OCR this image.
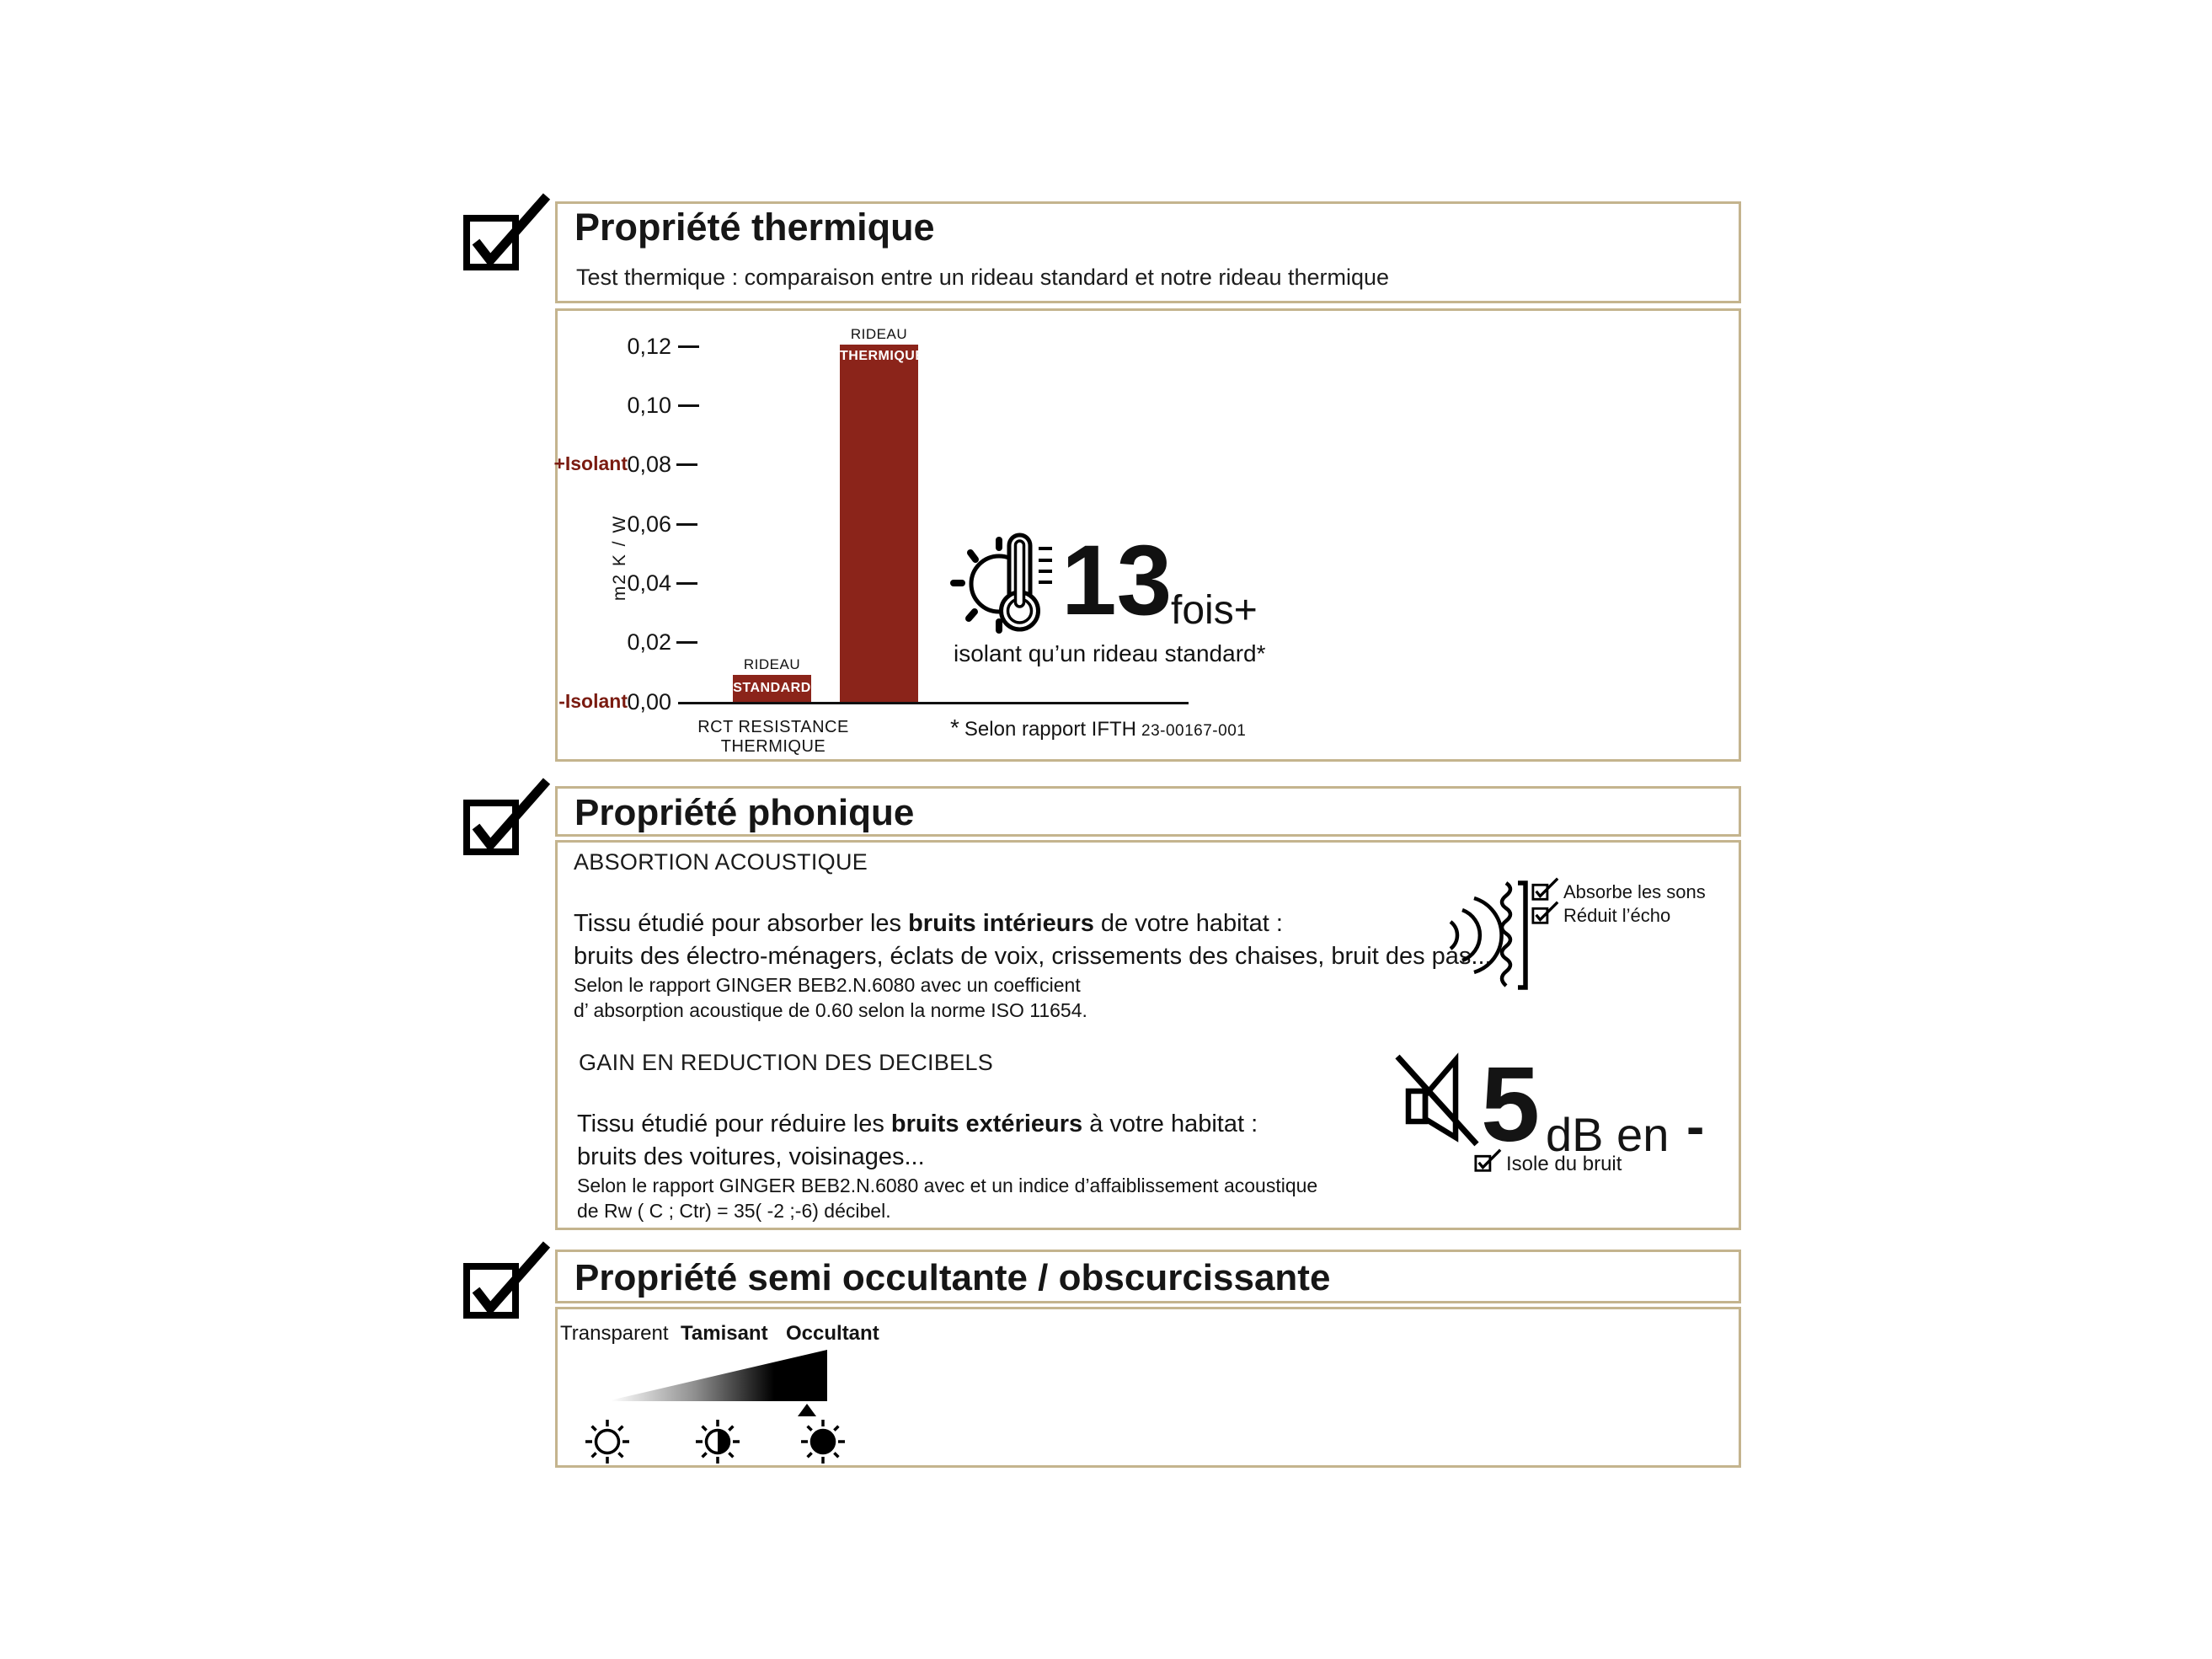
Propriété thermique
Test thermique : comparaison entre un rideau standard et notre rideau thermique
0,12
0,10
0,08
0,06
0,04
0,02
0,00
+Isolant
-Isolant
m2 K / W
RIDEAU
STANDARD
RIDEAU
THERMIQUE
RCT RESISTANCE THERMIQUE
* Selon rapport IFTH 23-00167-001
13
fois+
isolant qu’un rideau standard*
Propriété phonique
ABSORTION ACOUSTIQUE
Tissu étudié pour absorber les bruits intérieurs de votre habitat :
bruits des électro-ménagers, éclats de voix, crissements des chaises, bruit des pas...
Selon le rapport GINGER BEB2.N.6080 avec un coefficient
d’ absorption acoustique de 0.60 selon la norme ISO 11654.
Absorbe les sons
Réduit l’écho
GAIN EN REDUCTION DES DECIBELS
Tissu étudié pour réduire les bruits extérieurs à votre habitat :
bruits des voitures, voisinages...
Selon le rapport GINGER BEB2.N.6080 avec et un indice d’affaiblissement acoustique
de Rw ( C ; Ctr) = 35( -2 ;-6) décibel.
5 dB en -
Isole du bruit
Propriété semi occultante / obscurcissante
Transparent Tamisant Occultant
